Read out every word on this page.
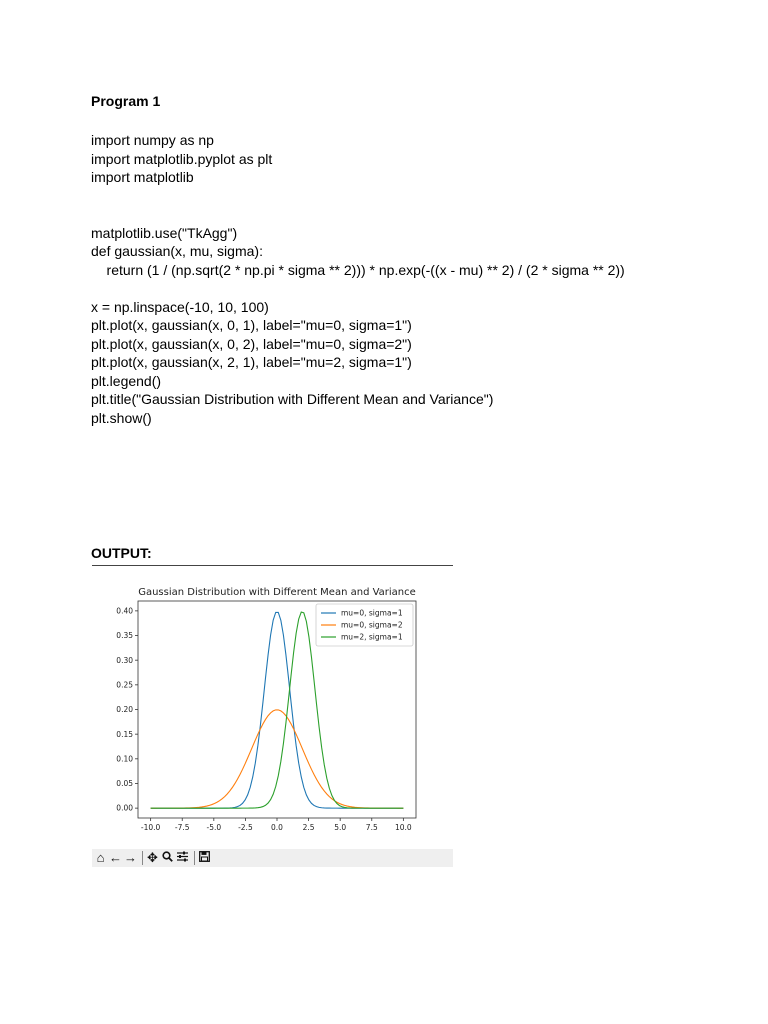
Program 1
import numpy as np
import matplotlib.pyplot as plt
import matplotlib
matplotlib.use("TkAgg")
def gaussian(x, mu, sigma):
return (1 / (np.sqrt(2 * np.pi * sigma ** 2))) * np.exp(-((x - mu) ** 2) / (2 * sigma ** 2))
x = np.linspace(-10, 10, 100)
plt.plot(x, gaussian(x, 0, 1), label="mu=0, sigma=1")
plt.plot(x, gaussian(x, 0, 2), label="mu=0, sigma=2")
plt.plot(x, gaussian(x, 2, 1), label="mu=2, sigma=1")
plt.legend()
plt.title("Gaussian Distribution with Different Mean and Variance")
plt.show()
OUTPUT:
Gaussian Distribution with Different Mean and Variance
-10.0 -7.5 -5.0 -2.5 0.0	2.5	5.0	7.5 10.0
0.00
0.05
0.10
0.15
0.20
0.25
0.30
0.35
0.40	mu=0, sigma=1
mu=0, sigma=2
mu=2, sigma=1
⌂ ← → ✥
